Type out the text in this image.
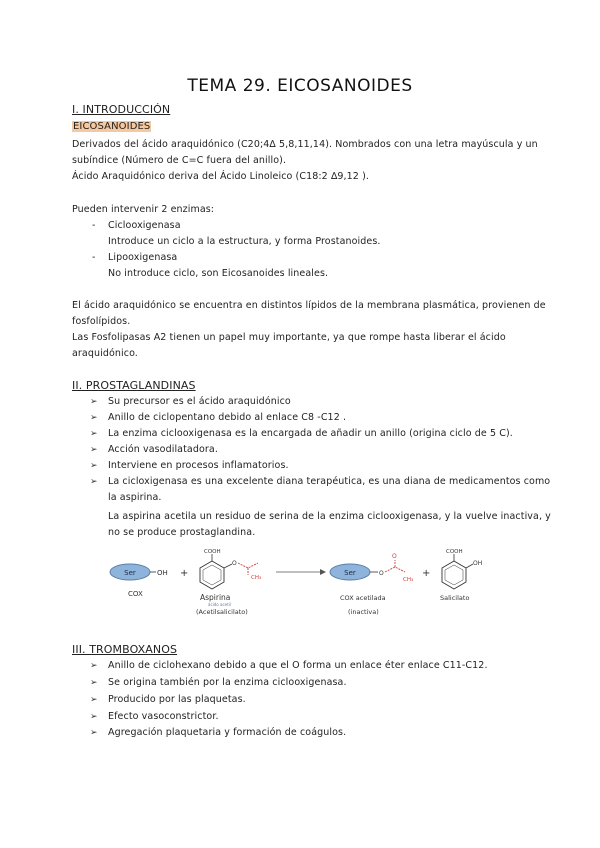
TEMA 29. EICOSANOIDES
I. INTRODUCCIÓN
EICOSANOIDES
Derivados del ácido araquidónico (C20;4∆ 5,8,11,14). Nombrados con una letra mayúscula y un
subíndice (Número de C=C fuera del anillo).
Ácido Araquidónico deriva del Ácido Linoleico (C18:2 ∆9,12 ).
Pueden intervenir 2 enzimas:
- Ciclooxigenasa
Introduce un ciclo a la estructura, y forma Prostanoides.
- Lipooxigenasa
No introduce ciclo, son Eicosanoides lineales.
El ácido araquidónico se encuentra en distintos lípidos de la membrana plasmática, provienen de
fosfolípidos.
Las Fosfolipasas A2 tienen un papel muy importante, ya que rompe hasta liberar el ácido
araquidónico.
II. PROSTAGLANDINAS
➢ Su precursor es el ácido araquidónico
➢ Anillo de ciclopentano debido al enlace C8 -C12 .
➢ La enzima ciclooxigenasa es la encargada de añadir un anillo (origina ciclo de 5 C).
➢ Acción vasodilatadora.
➢ Interviene en procesos inflamatorios.
➢ La cicloxigenasa es una excelente diana terapéutica, es una diana de medicamentos como
la aspirina.
La aspirina acetila un residuo de serina de la enzima ciclooxigenasa, y la vuelve inactiva, y
no se produce prostaglandina.
Ser	OH +
COOH
O
CH₃
Ser	O
O
CH₃
+
COOH
OH
COX	Aspirina
ácido acetil
(Acetilsalicilato)
COX acetilada
(inactiva)
Salicilato
III. TROMBOXANOS
➢ Anillo de ciclohexano debido a que el O forma un enlace éter enlace C11-C12.
➢ Se origina también por la enzima ciclooxigenasa.
➢ Producido por las plaquetas.
➢ Efecto vasoconstrictor.
➢ Agregación plaquetaria y formación de coágulos.
